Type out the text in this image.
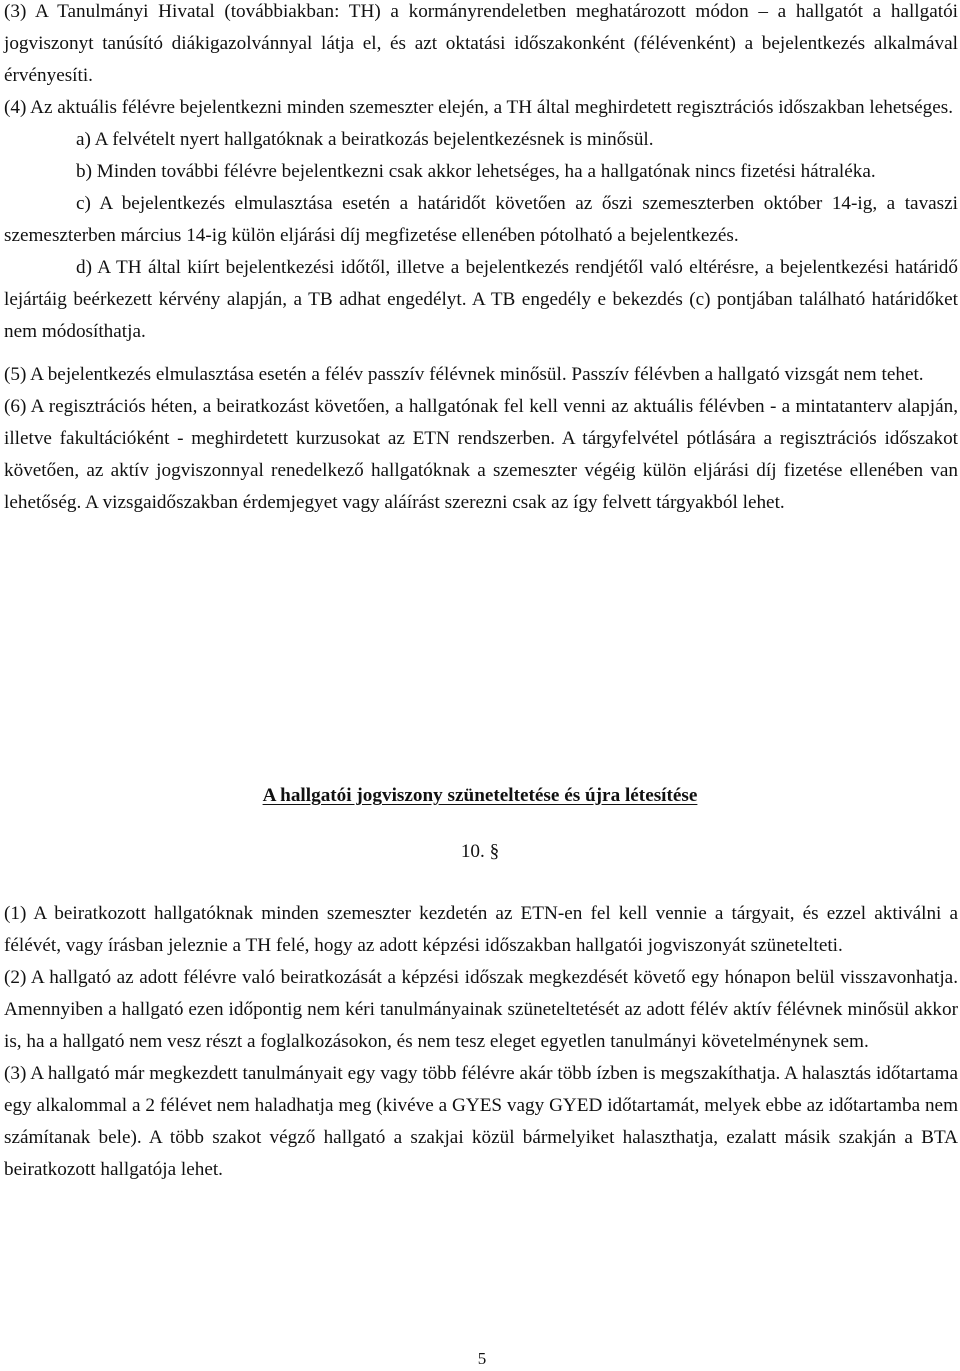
(3) A Tanulmányi Hivatal (továbbiakban: TH) a kormányrendeletben meghatározott módon – a hallgatót a hallgatói jogviszonyt tanúsító diákigazolvánnyal látja el, és azt oktatási időszakonként (félévenként) a bejelentkezés alkalmával érvényesíti.

(4) Az aktuális félévre bejelentkezni minden szemeszter elején, a TH által meghirdetett regisztrációs időszakban lehetséges.

a) A felvételt nyert hallgatóknak a beiratkozás bejelentkezésnek is minősül.

b) Minden további félévre bejelentkezni csak akkor lehetséges, ha a hallgatónak nincs fizetési hátraléka.

c) A bejelentkezés elmulasztása esetén a határidőt követően az őszi szemeszterben október 14-ig, a tavaszi szemeszterben március 14-ig külön eljárási díj megfizetése ellenében pótolható a bejelentkezés.

d) A TH által kiírt bejelentkezési időtől, illetve a bejelentkezés rendjétől való eltérésre, a bejelentkezési határidő lejártáig beérkezett kérvény alapján, a TB adhat engedélyt. A TB engedély e bekezdés (c) pontjában található határidőket nem módosíthatja.

(5) A bejelentkezés elmulasztása esetén a félév passzív félévnek minősül. Passzív félévben a hallgató vizsgát nem tehet.

(6) A regisztrációs héten, a beiratkozást követően, a hallgatónak fel kell venni az aktuális félévben - a mintatanterv alapján, illetve fakultációként - meghirdetett kurzusokat az ETN rendszerben. A tárgyfelvétel pótlására a regisztrációs időszakot követően, az aktív jogviszonnyal renedelkező hallgatóknak a szemeszter végéig külön eljárási díj fizetése ellenében van lehetőség. A vizsgaidőszakban érdemjegyet vagy aláírást szerezni csak az így felvett tárgyakból lehet.

A hallgatói jogviszony szüneteltetése és újra létesítése
10. §

(1) A beiratkozott hallgatóknak minden szemeszter kezdetén az ETN-en fel kell vennie a tárgyait, és ezzel aktiválni a félévét, vagy írásban jeleznie a TH felé, hogy az adott képzési időszakban hallgatói jogviszonyát szünetelteti.

(2) A hallgató az adott félévre való beiratkozását a képzési időszak megkezdését követő egy hónapon belül visszavonhatja. Amennyiben a hallgató ezen időpontig nem kéri tanulmányainak szüneteltetését az adott félév aktív félévnek minősül akkor is, ha a hallgató nem vesz részt a foglalkozásokon, és nem tesz eleget egyetlen tanulmányi követelménynek sem.

(3) A hallgató már megkezdett tanulmányait egy vagy több félévre akár több ízben is megszakíthatja. A halasztás időtartama egy alkalommal a 2 félévet nem haladhatja meg (kivéve a GYES vagy GYED időtartamát, melyek ebbe az időtartamba nem számítanak bele). A több szakot végző hallgató a szakjai közül bármelyiket halaszthatja, ezalatt másik szakján a BTA beiratkozott hallgatója lehet.

5
